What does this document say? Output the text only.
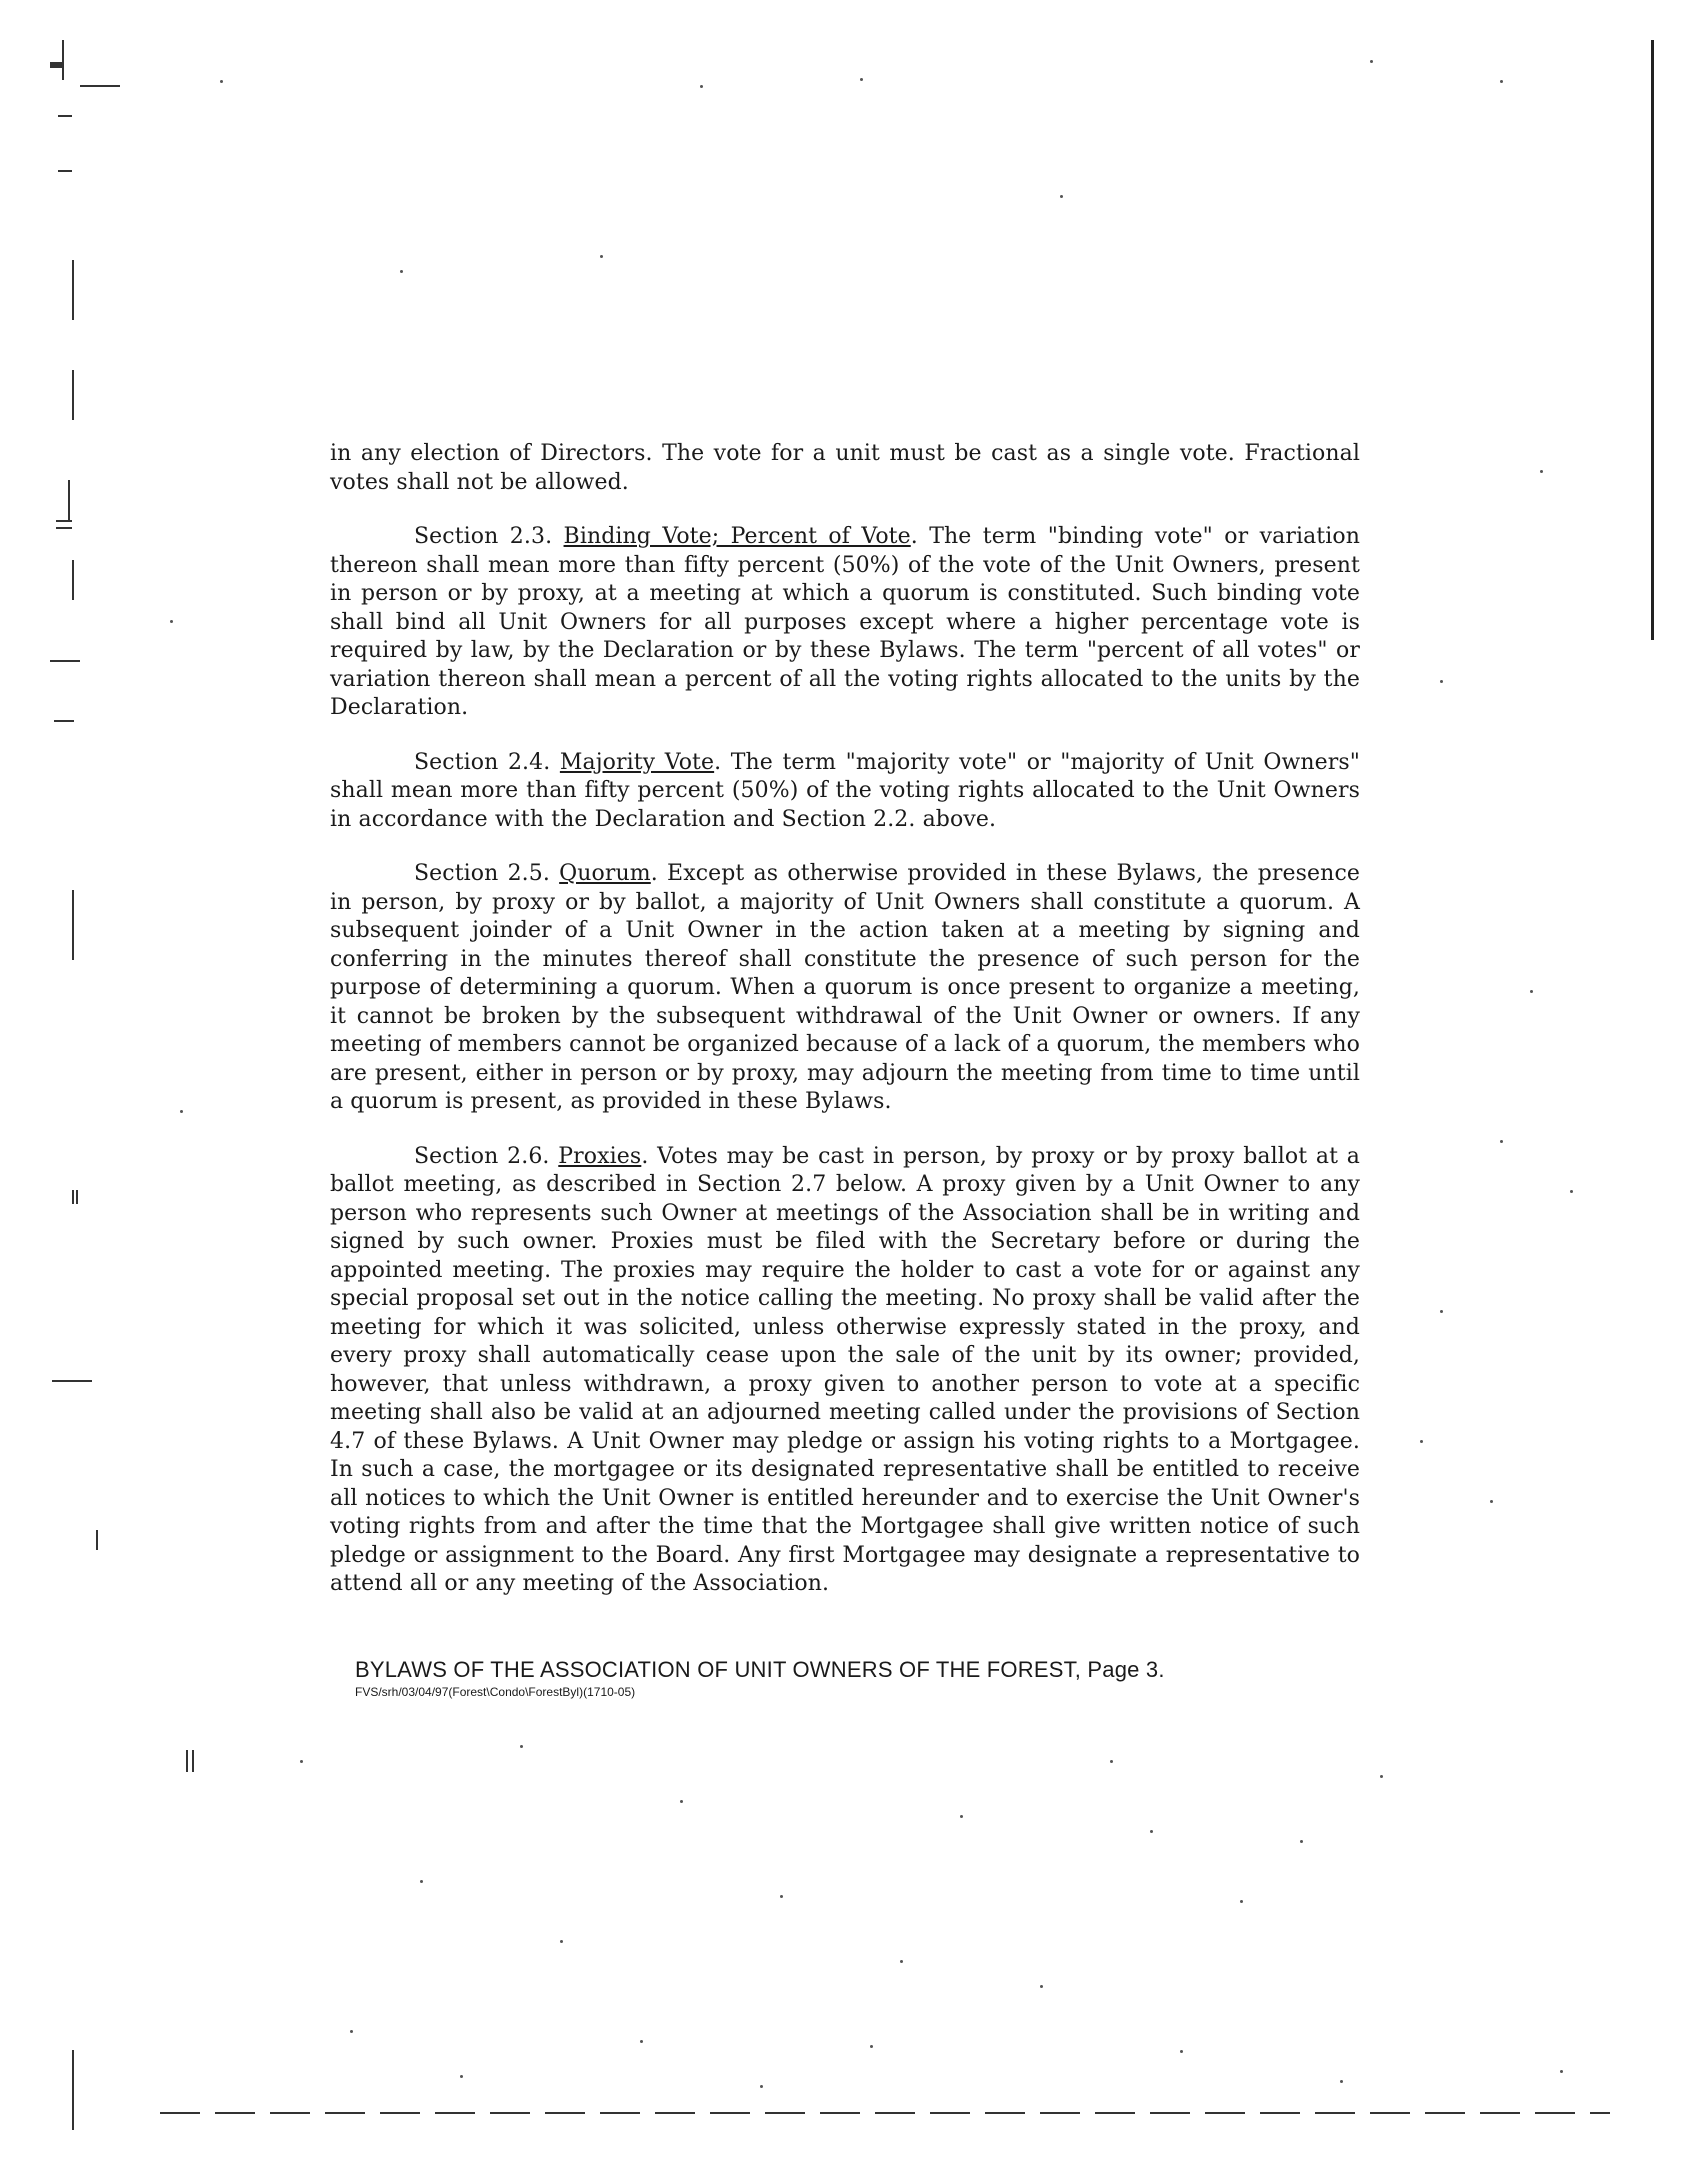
in any election of Directors. The vote for a unit must be cast as a single vote. Fractional votes shall not be allowed.

Section 2.3. Binding Vote; Percent of Vote. The term "binding vote" or variation thereon shall mean more than fifty percent (50%) of the vote of the Unit Owners, present in person or by proxy, at a meeting at which a quorum is constituted. Such binding vote shall bind all Unit Owners for all purposes except where a higher percentage vote is required by law, by the Declaration or by these Bylaws. The term "percent of all votes" or variation thereon shall mean a percent of all the voting rights allocated to the units by the Declaration.

Section 2.4. Majority Vote. The term "majority vote" or "majority of Unit Owners" shall mean more than fifty percent (50%) of the voting rights allocated to the Unit Owners in accordance with the Declaration and Section 2.2. above.

Section 2.5. Quorum. Except as otherwise provided in these Bylaws, the presence in person, by proxy or by ballot, a majority of Unit Owners shall constitute a quorum. A subsequent joinder of a Unit Owner in the action taken at a meeting by signing and conferring in the minutes thereof shall constitute the presence of such person for the purpose of determining a quorum. When a quorum is once present to organize a meeting, it cannot be broken by the subsequent withdrawal of the Unit Owner or owners. If any meeting of members cannot be organized because of a lack of a quorum, the members who are present, either in person or by proxy, may adjourn the meeting from time to time until a quorum is present, as provided in these Bylaws.

Section 2.6. Proxies. Votes may be cast in person, by proxy or by proxy ballot at a ballot meeting, as described in Section 2.7 below. A proxy given by a Unit Owner to any person who represents such Owner at meetings of the Association shall be in writing and signed by such owner. Proxies must be filed with the Secretary before or during the appointed meeting. The proxies may require the holder to cast a vote for or against any special proposal set out in the notice calling the meeting. No proxy shall be valid after the meeting for which it was solicited, unless otherwise expressly stated in the proxy, and every proxy shall automatically cease upon the sale of the unit by its owner; provided, however, that unless withdrawn, a proxy given to another person to vote at a specific meeting shall also be valid at an adjourned meeting called under the provisions of Section 4.7 of these Bylaws. A Unit Owner may pledge or assign his voting rights to a Mortgagee. In such a case, the mortgagee or its designated representative shall be entitled to receive all notices to which the Unit Owner is entitled hereunder and to exercise the Unit Owner's voting rights from and after the time that the Mortgagee shall give written notice of such pledge or assignment to the Board. Any first Mortgagee may designate a representative to attend all or any meeting of the Association.

BYLAWS OF THE ASSOCIATION OF UNIT OWNERS OF THE FOREST, Page 3.
FVS/srh/03/04/97(Forest\Condo\ForestByl)(1710-05)
